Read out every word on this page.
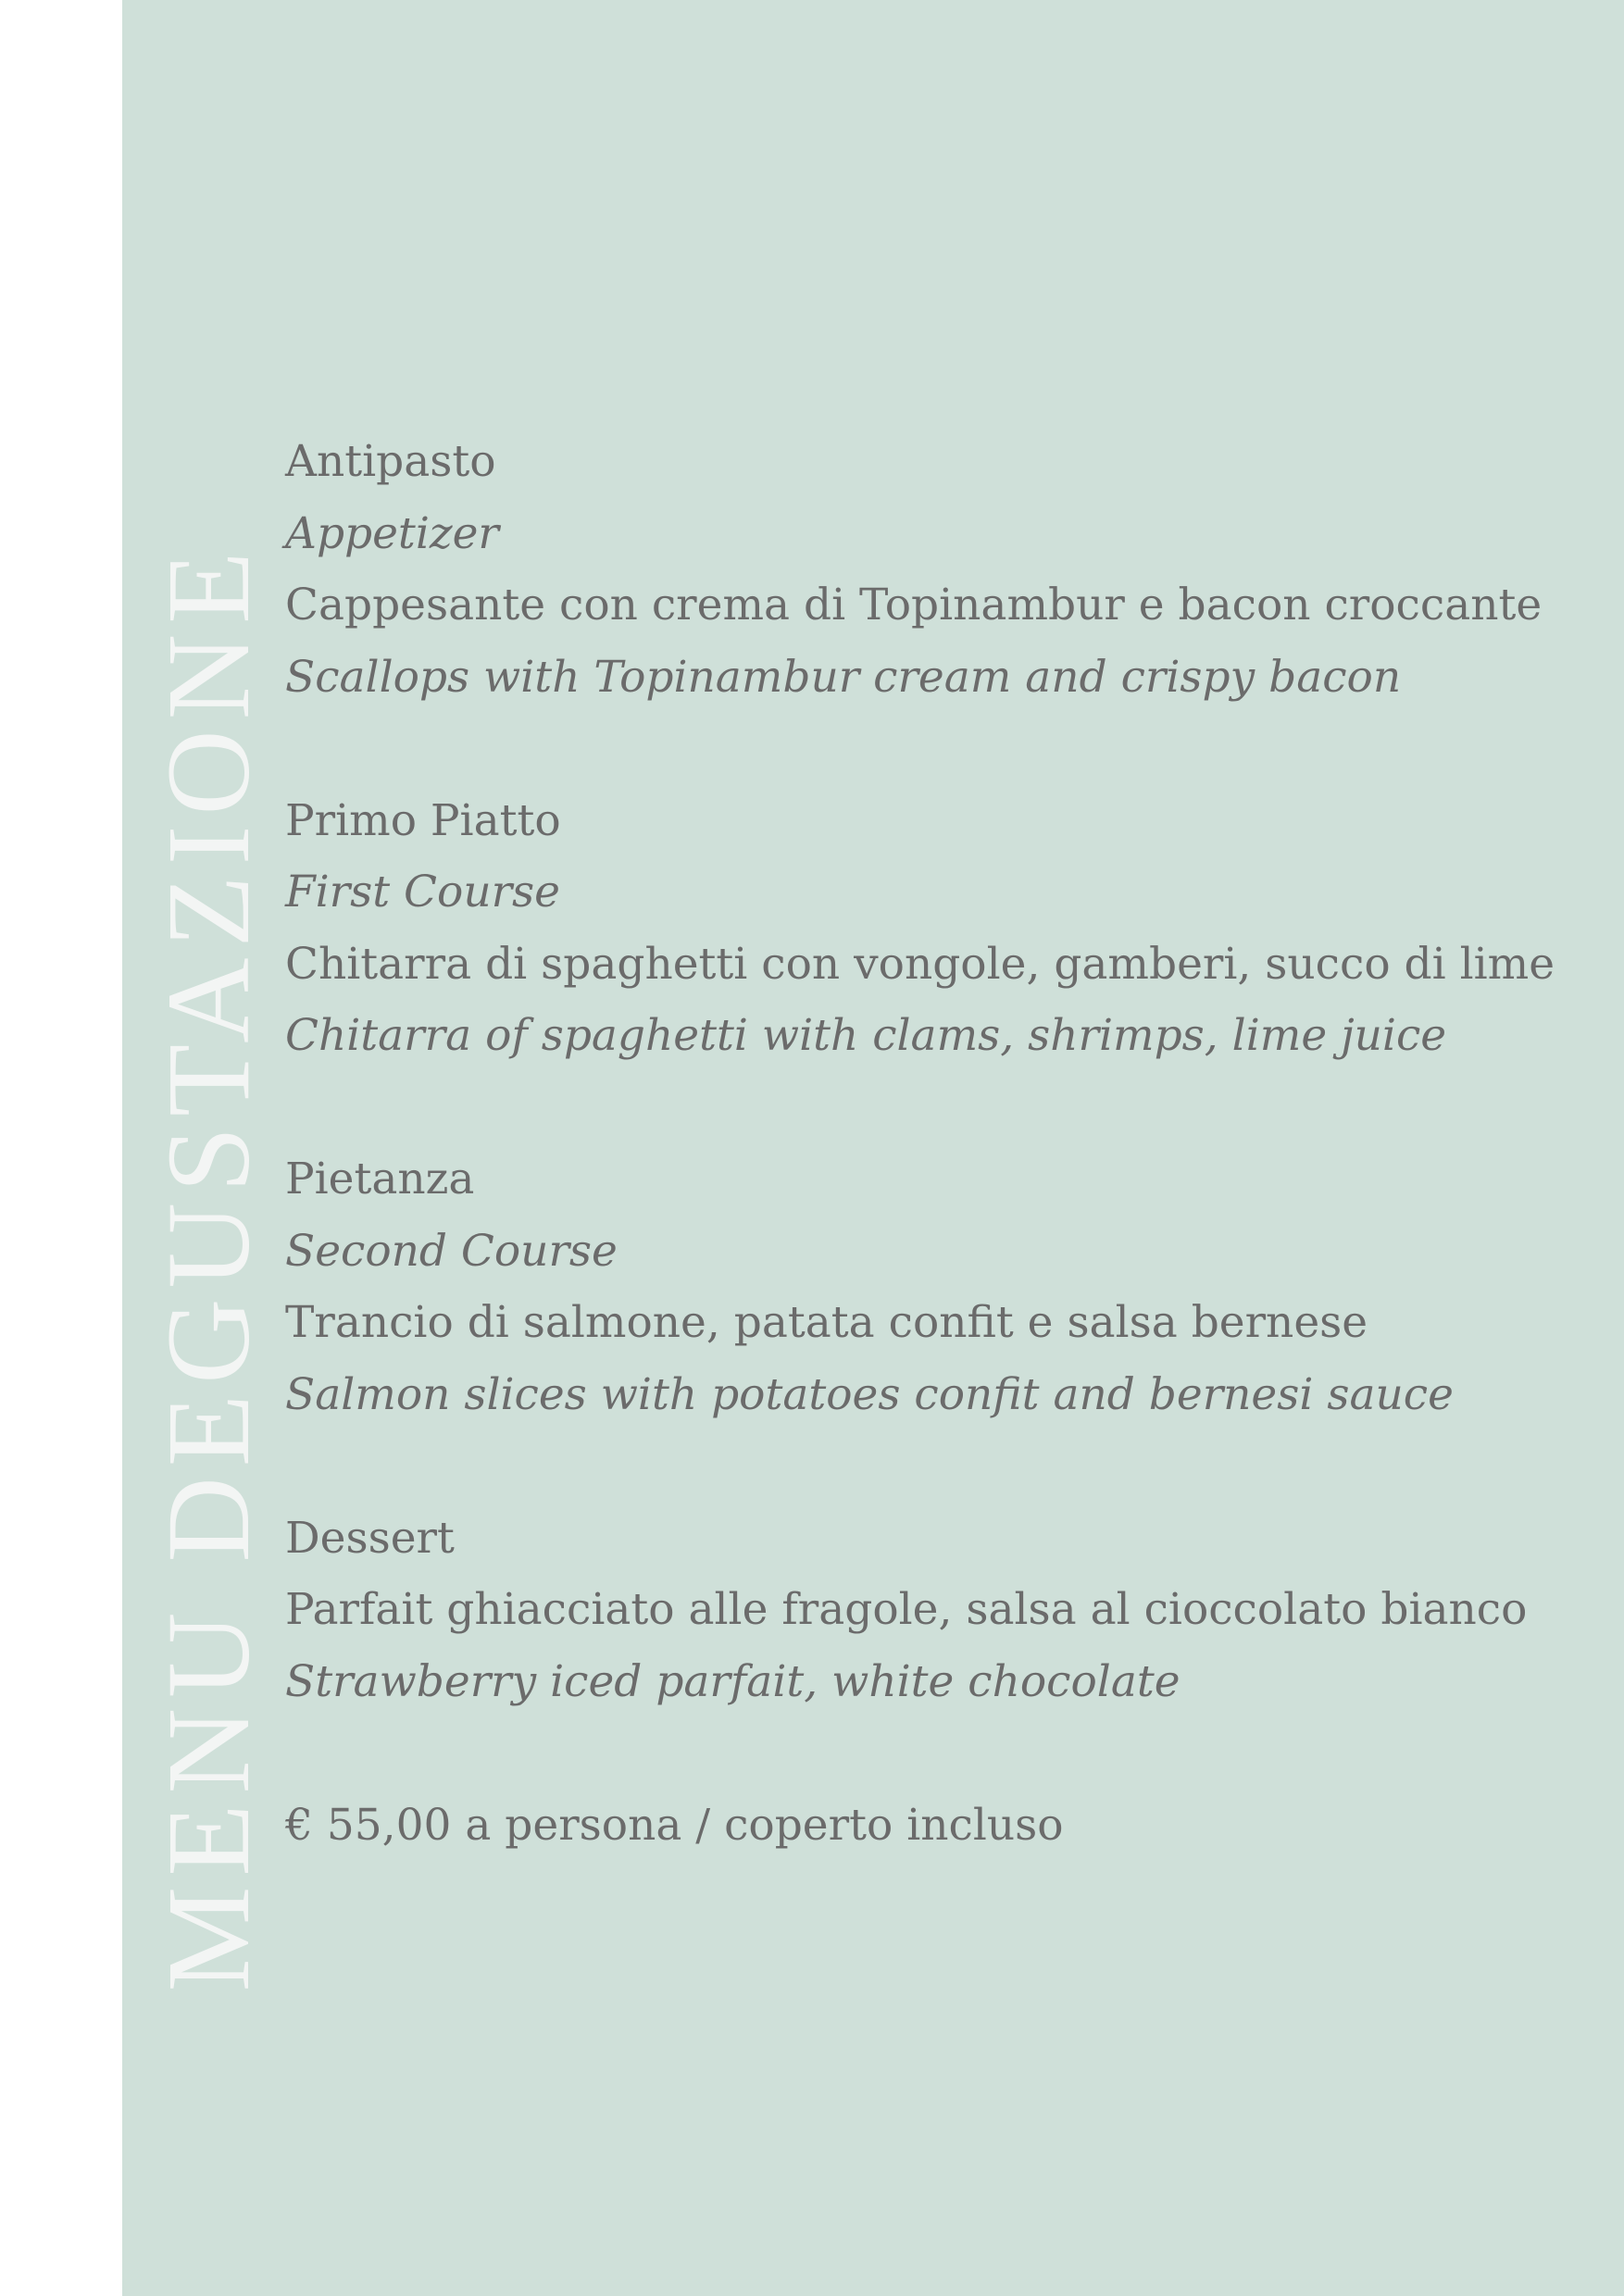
MENU DEGUSTAZIONE
Antipasto
Appetizer
Cappesante con crema di Topinambur e bacon croccante
Scallops with Topinambur cream and crispy bacon
Primo Piatto
First Course
Chitarra di spaghetti con vongole, gamberi, succo di lime
Chitarra of spaghetti with clams, shrimps, lime juice
Pietanza
Second Course
Trancio di salmone, patata confit e salsa bernese
Salmon slices with potatoes confit and bernesi sauce
Dessert
Parfait ghiacciato alle fragole, salsa al cioccolato bianco
Strawberry iced parfait, white chocolate
€ 55,00 a persona / coperto incluso
